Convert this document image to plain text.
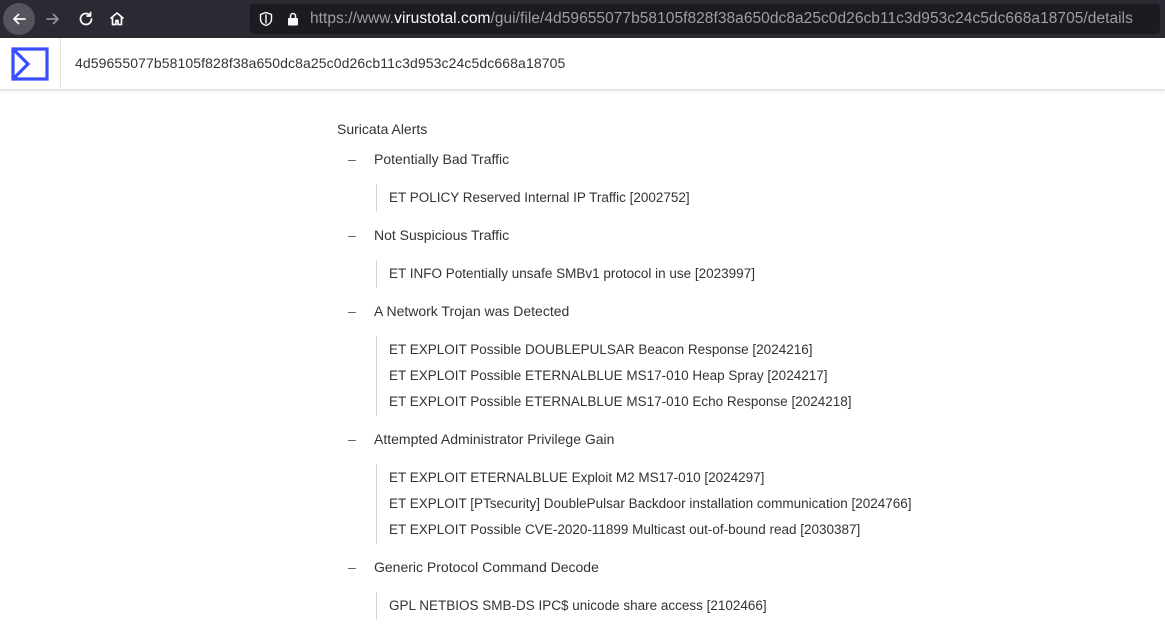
https://www.virustotal.com/gui/file/4d59655077b58105f828f38a650dc8a25c0d26cb11c3d953c24c5dc668a18705/details
4d59655077b58105f828f38a650dc8a25c0d26cb11c3d953c24c5dc668a18705
Suricata Alerts
– Potentially Bad Traffic
ET POLICY Reserved Internal IP Traffic [2002752]
– Not Suspicious Traffic
ET INFO Potentially unsafe SMBv1 protocol in use [2023997]
– A Network Trojan was Detected
ET EXPLOIT Possible DOUBLEPULSAR Beacon Response [2024216]
ET EXPLOIT Possible ETERNALBLUE MS17-010 Heap Spray [2024217]
ET EXPLOIT Possible ETERNALBLUE MS17-010 Echo Response [2024218]
– Attempted Administrator Privilege Gain
ET EXPLOIT ETERNALBLUE Exploit M2 MS17-010 [2024297]
ET EXPLOIT [PTsecurity] DoublePulsar Backdoor installation communication [2024766]
ET EXPLOIT Possible CVE-2020-11899 Multicast out-of-bound read [2030387]
– Generic Protocol Command Decode
GPL NETBIOS SMB-DS IPC$ unicode share access [2102466]
